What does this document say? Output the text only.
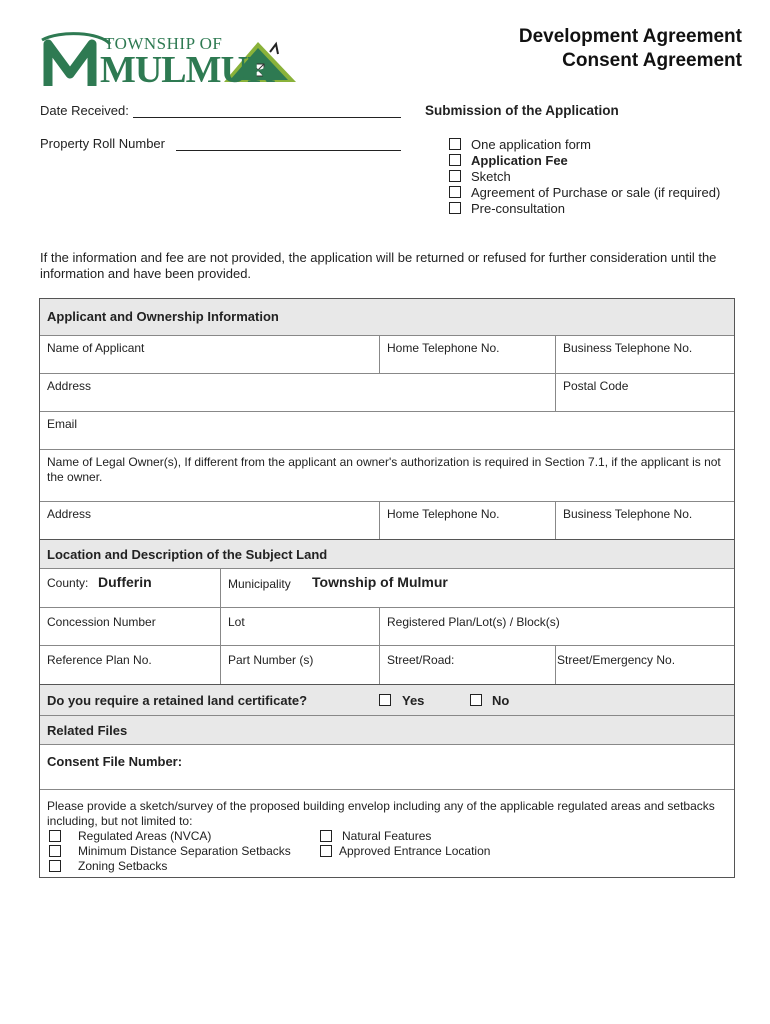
TOWNSHIP OF
MULMUR
Development Agreement
Consent Agreement
Date Received:
Property Roll Number
Submission of the Application
One application form
Application Fee
Sketch
Agreement of Purchase or sale (if required)
Pre-consultation
If the information and fee are not provided, the application will be returned or refused for further consideration until the information and have been provided.
Applicant and Ownership Information
Name of Applicant	Home Telephone No.	Business Telephone No.
Address	Postal Code
Email
Name of Legal Owner(s), If different from the applicant an owner's authorization is required in Section 7.1, if the applicant is not the owner.
Address	Home Telephone No.	Business Telephone No.
Location and Description of the Subject Land
County: Dufferin	Municipality Township of Mulmur
Concession Number	Lot	Registered Plan/Lot(s) / Block(s)
Reference Plan No.	Part Number (s)	Street/Road:	Street/Emergency No.
Do you require a retained land certificate?	Yes	No
Related Files
Consent File Number:
Please provide a sketch/survey of the proposed building envelop including any of the applicable regulated areas and setbacks including, but not limited to:
Regulated Areas (NVCA)
Minimum Distance Separation Setbacks
Zoning Setbacks
Natural Features
Approved Entrance Location
